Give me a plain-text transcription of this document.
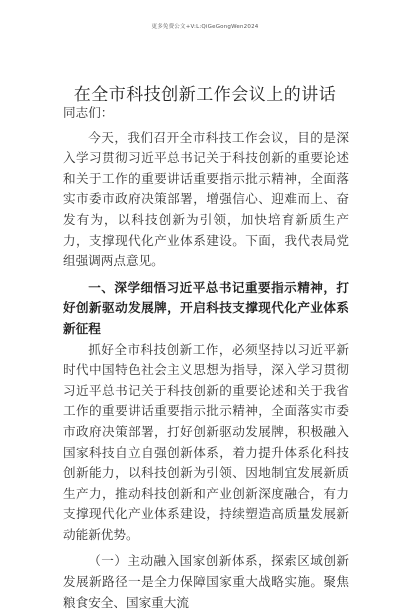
更多免费公文+V:L:QiGeGongWen2024
在全市科技创新工作会议上的讲话

同志们：

今天，我们召开全市科技工作会议，目的是深入学习贯彻习近平总书记关于科技创新的重要论述和关于工作的重要讲话重要指示批示精神，全面落实市委市政府决策部署，增强信心、迎难而上、奋发有为，以科技创新为引领，加快培育新质生产力，支撑现代化产业体系建设。下面，我代表局党组强调两点意见。

一、深学细悟习近平总书记重要指示精神，打好创新驱动发展牌，开启科技支撑现代化产业体系新征程

抓好全市科技创新工作，必须坚持以习近平新时代中国特色社会主义思想为指导，深入学习贯彻习近平总书记关于科技创新的重要论述和关于我省工作的重要讲话重要指示批示精神，全面落实市委市政府决策部署，打好创新驱动发展牌，积极融入国家科技自立自强创新体系，着力提升体系化科技创新能力，以科技创新为引领、因地制宜发展新质生产力，推动科技创新和产业创新深度融合，有力支撑现代化产业体系建设，持续塑造高质量发展新动能新优势。

（一）主动融入国家创新体系，探索区域创新发展新路径一是全力保障国家重大战略实施。聚焦粮食安全、国家重大流
